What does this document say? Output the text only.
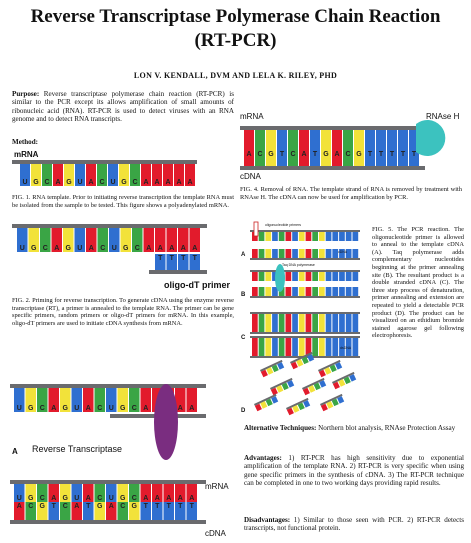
Reverse Transcriptase Polymerase Chain Reaction
(RT-PCR)
LON V. KENDALL, DVM AND LELA K. RILEY, PHD
Purpose: Reverse transcriptase polymerase chain reaction (RT-PCR) is similar to the PCR except its allows amplification of small amounts of ribonucleic acid (RNA). RT-PCR is used to detect viruses with an RNA genome and to detect RNA transcripts.
Method:
mRNA
U G C A G U A C U G C A A A A A
FIG. 1. RNA template. Prior to initiating reverse transcription the template RNA must be isolated from the sample to be tested. This figure shows a polyadenylated mRNA.
U G C A G U A C U G C A A A A A
T T T T
oligo-dT primer
FIG. 2. Priming for reverse transcription. To generate cDNA using the enzyme reverse transcriptase (RT), a primer is annealed to the template RNA. The primer can be gene specific primers, random primers or oligo-dT primers for mRNA. In this example, oligo-dT primers are used to initiate cDNA synthesis from mRNA.
U G C A G U A C U G C A	A A
U G C A G U A C U G C A A A A A
A C G T C A T G A C G T T T T T
A Reverse Transcriptase
mRNA
cDNA
A C G T C A T G A C G T T T T T
mRNA	RNAse H
cDNA
FIG. 4. Removal of RNA. The template strand of RNA is removed by treatment with RNAse H. The cDNA can now be used for amplification by PCR.
A
B
C
D
oligonucleotide primers
Taq DNA polymerase
cDNA
dsDNA
FIG. 5. The PCR reaction. The oligonucleotide primer is allowed to anneal to the template cDNA (A). Taq polymerase adds complementary nucleotides beginning at the primer annealing site (B). The resultant product is a double stranded cDNA (C). The three step process of denaturation, primer annealing and extension are repeated to yield a detectable PCR product (D). The product can be visualized on an ethidium bromide stained agarose gel following electrophoresis.
Alternative Techniques: Northern blot analysis, RNAse Protection Assay
Advantages: 1) RT-PCR has high sensitivity due to exponential amplification of the template RNA. 2) RT-PCR is very specific when using gene specific primers in the synthesis of cDNA. 3) The RT-PCR technique can be completed in one to two working days providing rapid results.
Disadvantages: 1) Similar to those seen with PCR. 2) RT-PCR detects transcripts, not functional protein.
